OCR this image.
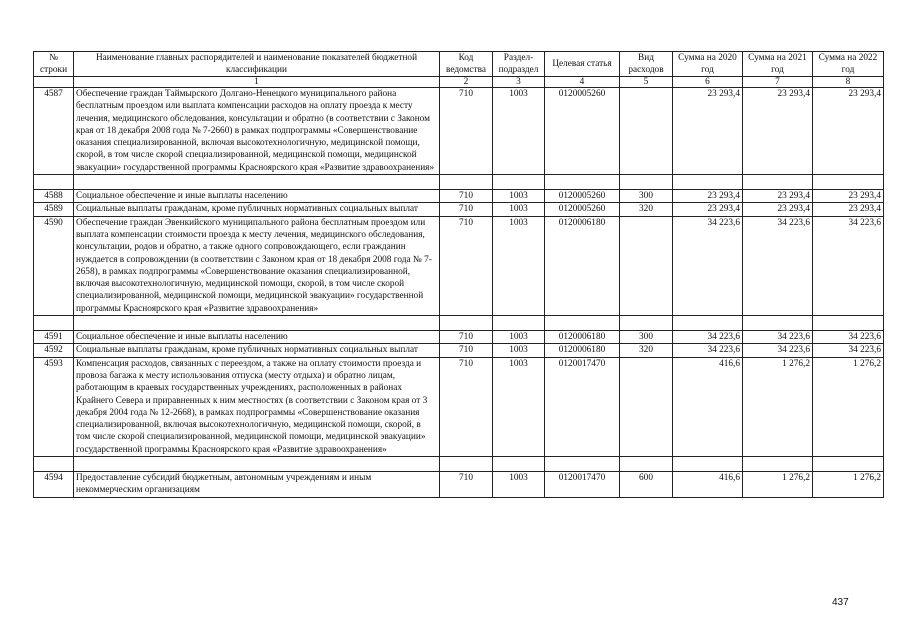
№ строки	Наименование главных распорядителей и наименование показателей бюджетной классификации	Код ведомства	Раздел-подраздел	Целевая статья	Вид расходов	Сумма на 2020 год	Сумма на 2021 год	Сумма на 2022 год
	1	2	3	4	5	6	7	8
4587	Обеспечение граждан Таймырского Долгано-Ненецкого муниципального района бесплатным проездом или выплата компенсации расходов на оплату проезда к месту лечения, медицинского обследования, консультации и обратно (в соответствии с Законом края от 18 декабря 2008 года № 7-2660) в рамках подпрограммы «Совершенствование оказания специализированной, включая высокотехнологичную, медицинской помощи, скорой, в том числе скорой специализированной, медицинской помощи, медицинской эвакуации» государственной программы Красноярского края «Развитие здравоохранения»	710	1003	0120005260		23 293,4	23 293,4	23 293,4

4588	Социальное обеспечение и иные выплаты населению	710	1003	0120005260	300	23 293,4	23 293,4	23 293,4
4589	Социальные выплаты гражданам, кроме публичных нормативных социальных выплат	710	1003	0120005260	320	23 293,4	23 293,4	23 293,4
4590	Обеспечение граждан Эвенкийского муниципального района бесплатным проездом или выплата компенсации стоимости проезда к месту лечения, медицинского обследования, консультации, родов и обратно, а также одного сопровождающего, если гражданин нуждается в сопровождении (в соответствии с Законом края от 18 декабря 2008 года № 7-2658), в рамках подпрограммы «Совершенствование оказания специализированной, включая высокотехнологичную, медицинской помощи, скорой, в том числе скорой специализированной, медицинской помощи, медицинской эвакуации» государственной программы Красноярского края «Развитие здравоохранения»	710	1003	0120006180		34 223,6	34 223,6	34 223,6

4591	Социальное обеспечение и иные выплаты населению	710	1003	0120006180	300	34 223,6	34 223,6	34 223,6
4592	Социальные выплаты гражданам, кроме публичных нормативных социальных выплат	710	1003	0120006180	320	34 223,6	34 223,6	34 223,6
4593	Компенсация расходов, связанных с переездом, а также на оплату стоимости проезда и провоза багажа к месту использования отпуска (месту отдыха) и обратно лицам, работающим в краевых государственных учреждениях, расположенных в районах Крайнего Севера и приравненных к ним местностях (в соответствии с Законом края от 3 декабря 2004 года № 12-2668), в рамках подпрограммы «Совершенствование оказания специализированной, включая высокотехнологичную, медицинской помощи, скорой, в том числе скорой специализированной, медицинской помощи, медицинской эвакуации» государственной программы Красноярского края «Развитие здравоохранения»	710	1003	0120017470		416,6	1 276,2	1 276,2

4594	Предоставление субсидий бюджетным, автономным учреждениям и иным некоммерческим организациям	710	1003	0120017470	600	416,6	1 276,2	1 276,2
437
